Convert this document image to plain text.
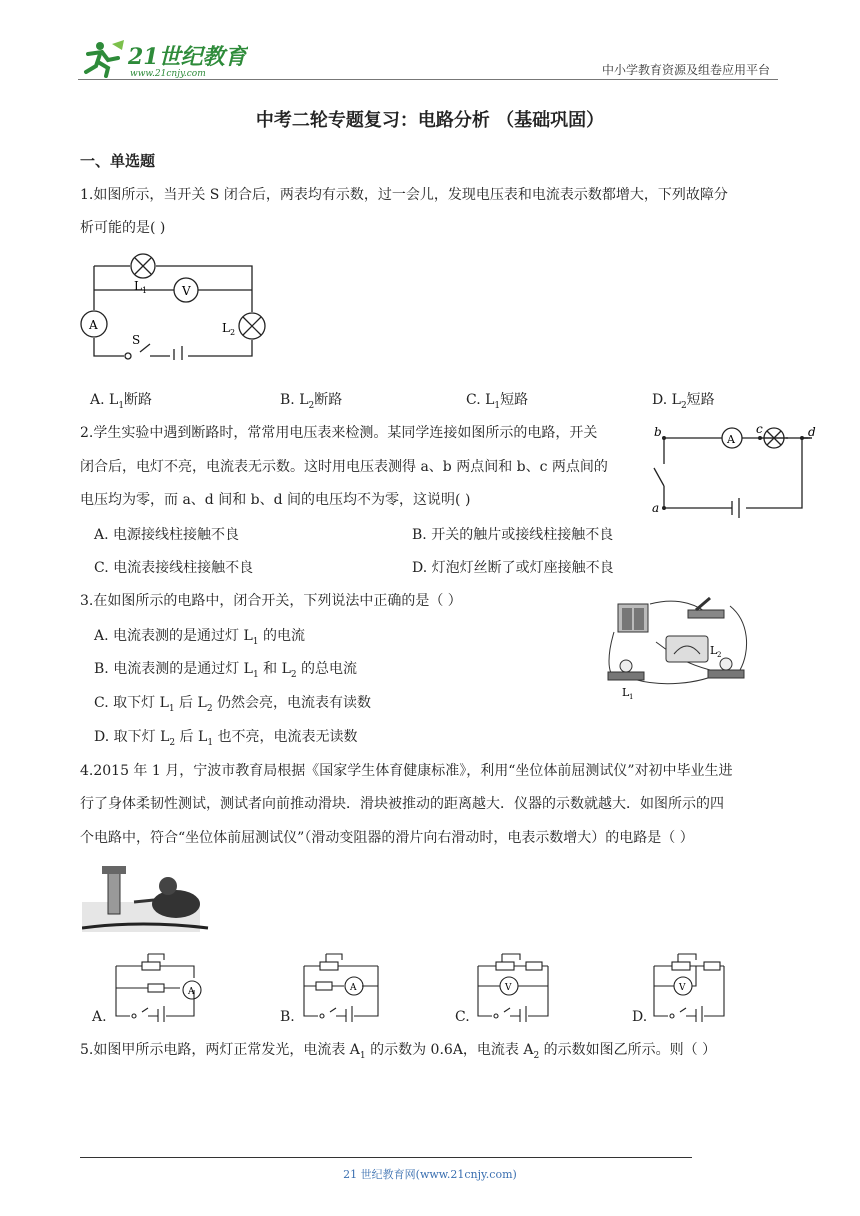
21世纪教育
www.21cnjy.com	中小学教育资源及组卷应用平台
中考二轮专题复习：电路分析 （基础巩固）
一、单选题
1.如图所示，当开关 S 闭合后，两表均有示数，过一会儿，发现电压表和电流表示数都增大，下列故障分
析可能的是( )
V
A
L 1
L 2
S
A. $L_1$断路	B. $L_2$断路	C. $L_1$短路	D. $L_2$短路
2.学生实验中遇到断路时，常常用电压表来检测。某同学连接如图所示的电路，开关
闭合后，电灯不亮，电流表无示数。这时用电压表测得 a、b 两点间和 b、c 两点间的
电压均为零，而 a、d 间和 b、d 间的电压均不为零，这说明( )
A
b	c	d
a
A. 电源接线柱接触不良	B. 开关的触片或接线柱接触不良
C. 电流表接线柱接触不良	D. 灯泡灯丝断了或灯座接触不良
3.在如图所示的电路中，闭合开关，下列说法中正确的是（ ）
L 1
L 2
A. 电流表测的是通过灯 $L_1$ 的电流
B. 电流表测的是通过灯 $L_1$ 和 $L_2$ 的总电流
C. 取下灯 $L_1$ 后 $L_2$ 仍然会亮，电流表有读数
D. 取下灯 $L_2$ 后 $L_1$ 也不亮，电流表无读数
4.2015 年 1 月，宁波市教育局根据《国家学生体育健康标准》，利用“坐位体前屈测试仪”对初中毕业生进
行了身体柔韧性测试，测试者向前推动滑块．滑块被推动的距离越大．仪器的示数就越大．如图所示的四
个电路中，符合“坐位体前屈测试仪”（滑动变阻器的滑片向右滑动时，电表示数增大）的电路是（ ）
A
A.
A
B.
V
C.
V
D.
5.如图甲所示电路，两灯正常发光，电流表 $A_1$ 的示数为 0.6A，电流表 $A_2$ 的示数如图乙所示。则（ ）
21 世纪教育网(www.21cnjy.com)
